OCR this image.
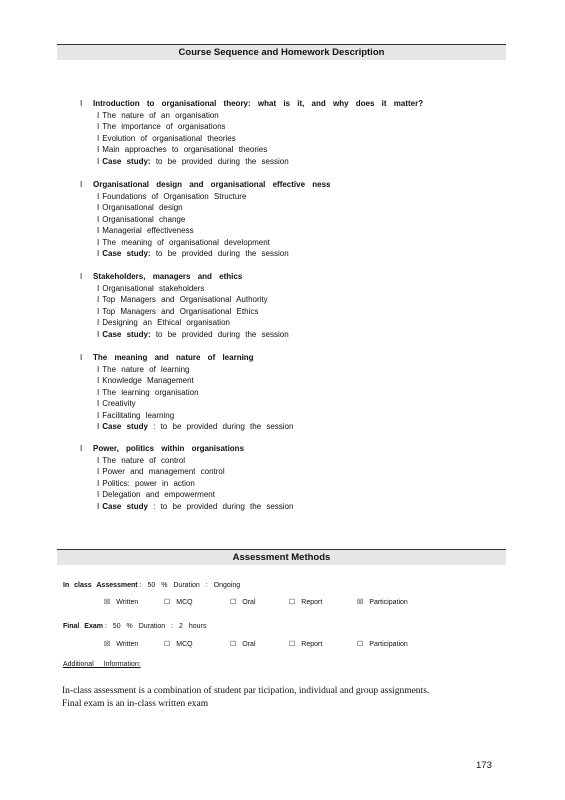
Course Sequence and Homework Description
I Introduction to organisational theory: what is it, and why does it matter?
I The nature of an organisation
I The importance of organisations
I Evolution of organisational theories
I Main approaches to organisational theories
I Case study: to be provided during the session
I Organisational design and organisational effective ness
I Foundations of Organisation Structure
I Organisational design
I Organisational change
I Managerial effectiveness
I The meaning of organisational development
I Case study: to be provided during the session
I Stakeholders, managers and ethics
I Organisational stakeholders
I Top Managers and Organisational Authority
I Top Managers and Organisational Ethics
I Designing an Ethical organisation
I Case study: to be provided during the session
I The meaning and nature of learning
I The nature of learning
I Knowledge Management
I The learning organisation
I Creativity
I Facilitating learning
I Case study : to be provided during the session
I Power, politics within organisations
I The nature of control
I Power and management control
I Politics: power in action
I Delegation and empowerment
I Case study : to be provided during the session
Assessment Methods
In class Assessment : 50 % Duration : Ongoing
☒ Written	☐ MCQ	☐ Oral	☐ Report	☒ Participation
Final Exam : 50 % Duration : 2 hours
☒ Written	☐ MCQ	☐ Oral	☐ Report	☐ Participation
Additional Information:
In-class assessment is a combination of student par ticipation, individual and group assignments.
Final exam is an in-class written exam
173
